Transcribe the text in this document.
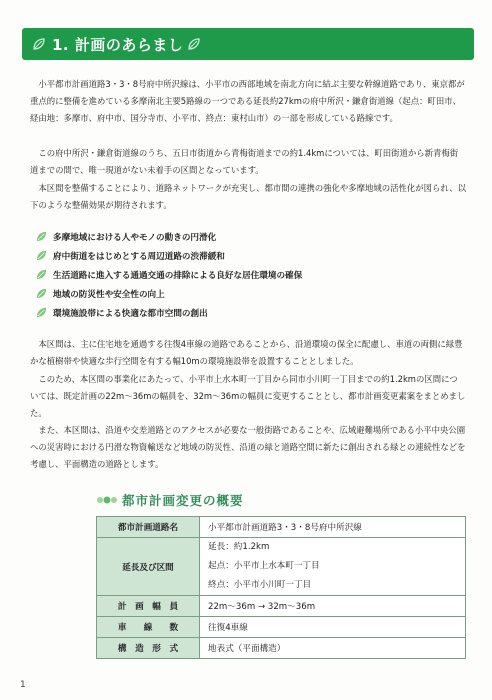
1. 計画のあらまし

小平都市計画道路3・3・8号府中所沢線は、小平市の西部地域を南北方向に結ぶ主要な幹線道路であり、東京都が重点的に整備を進めている多摩南北主要5路線の一つである延長約27kmの府中所沢・鎌倉街道線（起点：町田市、経由地：多摩市、府中市、国分寺市、小平市、終点：東村山市）の一部を形成している路線です。

この府中所沢・鎌倉街道線のうち、五日市街道から青梅街道までの約1.4kmについては、町田街道から新青梅街道までの間で、唯一現道がない未着手の区間となっています。

本区間を整備することにより、道路ネットワークが充実し、都市間の連携の強化や多摩地域の活性化が図られ、以下のような整備効果が期待されます。

多摩地域における人やモノの動きの円滑化
府中街道をはじめとする周辺道路の渋滞緩和
生活道路に進入する通過交通の排除による良好な居住環境の確保
地域の防災性や安全性の向上
環境施設帯による快適な都市空間の創出

本区間は、主に住宅地を通過する往復4車線の道路であることから、沿道環境の保全に配慮し、車道の両側に緑豊かな植樹帯や快適な歩行空間を有する幅10mの環境施設帯を設置することとしました。

このため、本区間の事業化にあたって、小平市上水本町一丁目から同市小川町一丁目までの約1.2kmの区間については、既定計画の22m～36mの幅員を、32m～36mの幅員に変更することとし、都市計画変更素案をまとめました。

また、本区間は、沿道や交差道路とのアクセスが必要な一般街路であることや、広域避難場所である小平中央公園への災害時における円滑な物資輸送など地域の防災性、沿道の緑と道路空間に新たに創出される緑との連続性などを考慮し、平面構造の道路とします。

都市計画変更の概要
都市計画道路名	小平都市計画道路3・3・8号府中所沢線
延長及び区間	延長：約1.2km
起点：小平市上水本町一丁目
終点：小平市小川町一丁目

計　画　幅　員	22m～36m → 32m～36m
車　　線　　数	往復4車線
構　造　形　式	地表式（平面構造）
1
